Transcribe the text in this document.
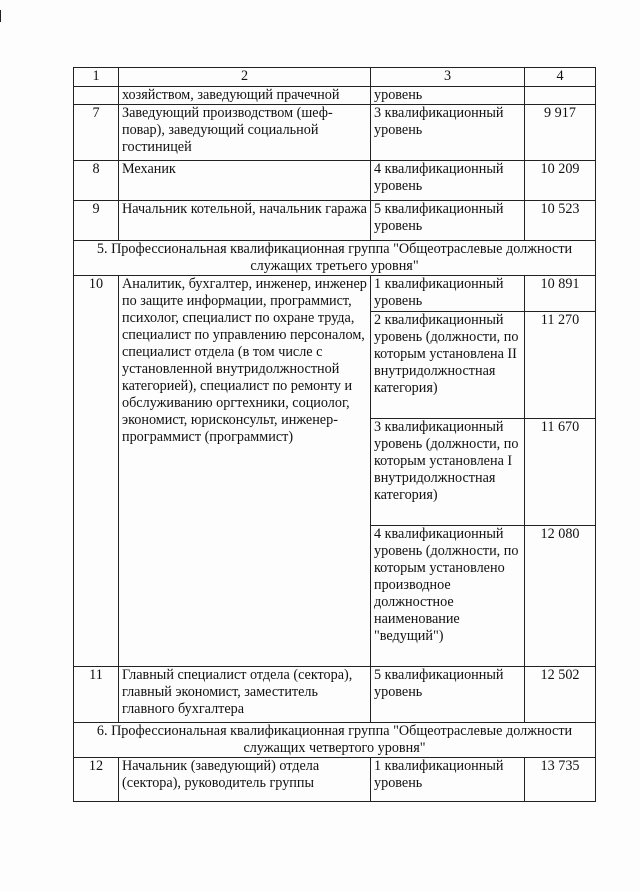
1	2	3	4
	хозяйством, заведующий прачечной	уровень	
7	Заведующий производством (шеф-повар), заведующий социальной гостиницей	3 квалификационный уровень	9 917
8	Механик	4 квалификационный уровень	10 209
9	Начальник котельной, начальник гаража	5 квалификационный уровень	10 523
5. Профессиональная квалификационная группа "Общеотраслевые должности служащих третьего уровня"			
10	Аналитик, бухгалтер, инженер, инженер по защите информации, программист, психолог, специалист по охране труда, специалист по управлению персоналом, специалист отдела (в том числе с установленной внутридолжностной категорией), специалист по ремонту и обслуживанию оргтехники, социолог, экономист, юрисконсульт, инженер-программист (программист)	1 квалификационный уровень	10 891
		2 квалификационный уровень (должности, по которым установлена II внутридолжностная категория)	11 270
		3 квалификационный уровень (должности, по которым установлена I внутридолжностная категория)	11 670
		4 квалификационный уровень (должности, по которым установлено производное должностное наименование "ведущий")	12 080
11	Главный специалист отдела (сектора), главный экономист, заместитель главного бухгалтера	5 квалификационный уровень	12 502
6. Профессиональная квалификационная группа "Общеотраслевые должности служащих четвертого уровня"			
12	Начальник (заведующий) отдела (сектора), руководитель группы	1 квалификационный уровень	13 735
